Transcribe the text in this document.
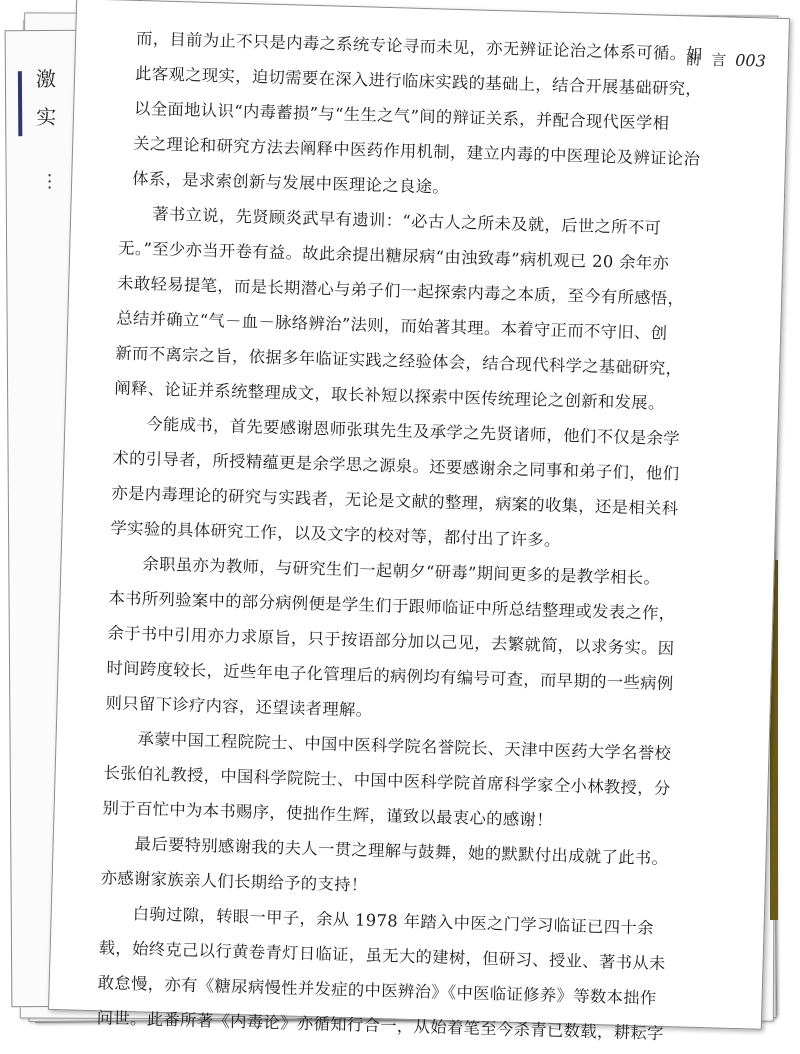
激
实
⋮
前 言 003
而，目前为止不只是内毒之系统专论寻而未见，亦无辨证论治之体系可循。如
此客观之现实，迫切需要在深入进行临床实践的基础上，结合开展基础研究，
以全面地认识“内毒蓄损”与“生生之气”间的辩证关系，并配合现代医学相
关之理论和研究方法去阐释中医药作用机制，建立内毒的中医理论及辨证论治
体系，是求索创新与发展中医理论之良途。
著书立说，先贤顾炎武早有遗训：“必古人之所未及就，后世之所不可
无。”至少亦当开卷有益。故此余提出糖尿病“由浊致毒”病机观已 20 余年亦
未敢轻易提笔，而是长期潜心与弟子们一起探索内毒之本质，至今有所感悟，
总结并确立“气－血－脉络辨治”法则，而始著其理。本着守正而不守旧、创
新而不离宗之旨，依据多年临证实践之经验体会，结合现代科学之基础研究，
阐释、论证并系统整理成文，取长补短以探索中医传统理论之创新和发展。
今能成书，首先要感谢恩师张琪先生及承学之先贤诸师，他们不仅是余学
术的引导者，所授精蕴更是余学思之源泉。还要感谢余之同事和弟子们，他们
亦是内毒理论的研究与实践者，无论是文献的整理，病案的收集，还是相关科
学实验的具体研究工作，以及文字的校对等，都付出了许多。
余职虽亦为教师，与研究生们一起朝夕“研毒”期间更多的是教学相长。
本书所列验案中的部分病例便是学生们于跟师临证中所总结整理或发表之作，
余于书中引用亦力求原旨，只于按语部分加以己见，去繁就简，以求务实。因
时间跨度较长，近些年电子化管理后的病例均有编号可查，而早期的一些病例
则只留下诊疗内容，还望读者理解。
承蒙中国工程院院士、中国中医科学院名誉院长、天津中医药大学名誉校
长张伯礼教授，中国科学院院士、中国中医科学院首席科学家仝小林教授，分
别于百忙中为本书赐序，使拙作生辉，谨致以最衷心的感谢！
最后要特别感谢我的夫人一贯之理解与鼓舞，她的默默付出成就了此书。
亦感谢家族亲人们长期给予的支持！
白驹过隙，转眼一甲子，余从 1978 年踏入中医之门学习临证已四十余
载，始终克己以行黄卷青灯日临证，虽无大的建树，但研习、授业、著书从未
敢怠慢，亦有《糖尿病慢性并发症的中医辨治》《中医临证修养》等数本拙作
问世。此番所著《内毒论》亦循知行合一，从始着笔至今杀青已数载，耕耘字
